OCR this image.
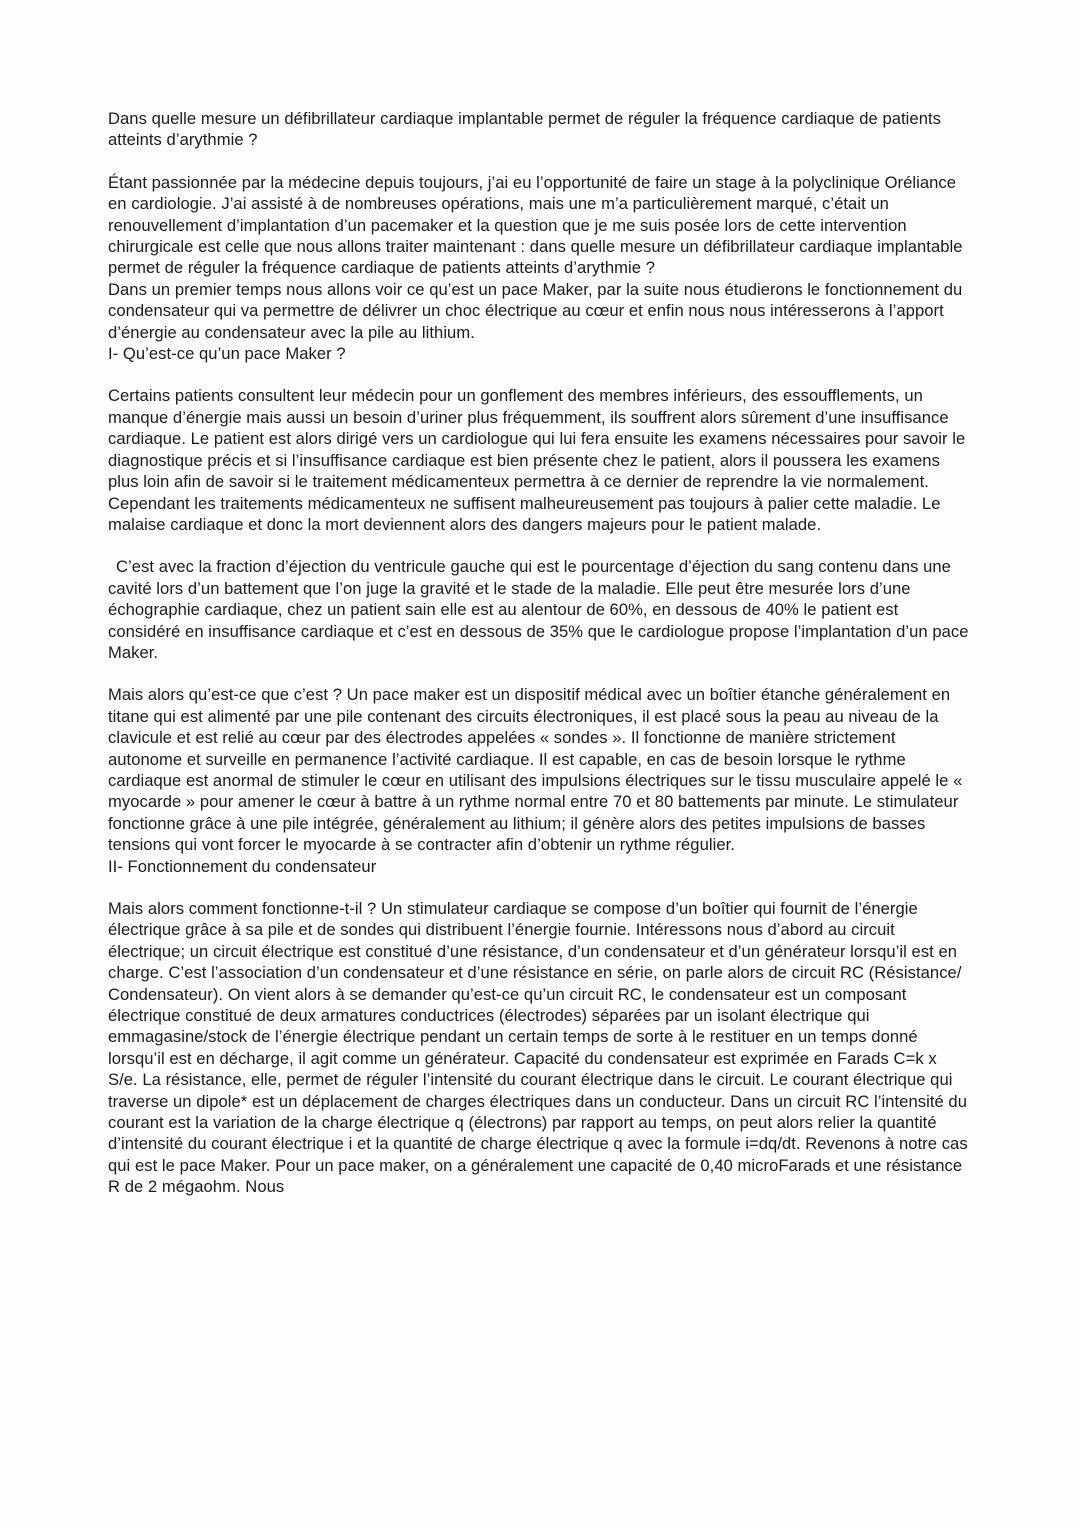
Dans quelle mesure un défibrillateur cardiaque implantable permet de réguler la fréquence cardiaque de patients atteints d’arythmie ?

Étant passionnée par la médecine depuis toujours, j’ai eu l’opportunité de faire un stage à la polyclinique Oréliance en cardiologie. J’ai assisté à de nombreuses opérations, mais une m’a particulièrement marqué, c’était un renouvellement d’implantation d’un pacemaker et la question que je me suis posée lors de cette intervention chirurgicale est celle que nous allons traiter maintenant : dans quelle mesure un défibrillateur cardiaque implantable permet de réguler la fréquence cardiaque de patients atteints d’arythmie ?

Dans un premier temps nous allons voir ce qu’est un pace Maker, par la suite nous étudierons le fonctionnement du condensateur qui va permettre de délivrer un choc électrique au cœur et enfin nous nous intéresserons à l’apport d’énergie au condensateur avec la pile au lithium.

I- Qu’est-ce qu’un pace Maker ?

Certains patients consultent leur médecin pour un gonflement des membres inférieurs, des essoufflements, un manque d’énergie mais aussi un besoin d’uriner plus fréquemment, ils souffrent alors sûrement d’une insuffisance cardiaque. Le patient est alors dirigé vers un cardiologue qui lui fera ensuite les examens nécessaires pour savoir le diagnostique précis et si l’insuffisance cardiaque est bien présente chez le patient, alors il poussera les examens plus loin afin de savoir si le traitement médicamenteux permettra à ce dernier de reprendre la vie normalement. Cependant les traitements médicamenteux ne suffisent malheureusement pas toujours à palier cette maladie. Le malaise cardiaque et donc la mort deviennent alors des dangers majeurs pour le patient malade.

C’est avec la fraction d’éjection du ventricule gauche qui est le pourcentage d’éjection du sang contenu dans une cavité lors d’un battement que l’on juge la gravité et le stade de la maladie. Elle peut être mesurée lors d’une échographie cardiaque, chez un patient sain elle est au alentour de 60%, en dessous de 40% le patient est considéré en insuffisance cardiaque et c’est en dessous de 35% que le cardiologue propose l’implantation d’un pace Maker.

Mais alors qu’est-ce que c’est ? Un pace maker est un dispositif médical avec un boîtier étanche généralement en titane qui est alimenté par une pile contenant des circuits électroniques, il est placé sous la peau au niveau de la clavicule et est relié au cœur par des électrodes appelées « sondes ». Il fonctionne de manière strictement autonome et surveille en permanence l’activité cardiaque. Il est capable, en cas de besoin lorsque le rythme cardiaque est anormal de stimuler le cœur en utilisant des impulsions électriques sur le tissu musculaire appelé le « myocarde » pour amener le cœur à battre à un rythme normal entre 70 et 80 battements par minute. Le stimulateur fonctionne grâce à une pile intégrée, généralement au lithium; il génère alors des petites impulsions de basses tensions qui vont forcer le myocarde à se contracter afin d’obtenir un rythme régulier.

II- Fonctionnement du condensateur

Mais alors comment fonctionne-t-il ? Un stimulateur cardiaque se compose d’un boîtier qui fournit de l’énergie électrique grâce à sa pile et de sondes qui distribuent l’énergie fournie. Intéressons nous d’abord au circuit électrique; un circuit électrique est constitué d’une résistance, d’un condensateur et d’un générateur lorsqu’il est en charge. C’est l’association d’un condensateur et d’une résistance en série, on parle alors de circuit RC (Résistance/ Condensateur). On vient alors à se demander qu’est-ce qu’un circuit RC, le condensateur est un composant électrique constitué de deux armatures conductrices (électrodes) séparées par un isolant électrique qui emmagasine/stock de l’énergie électrique pendant un certain temps de sorte à le restituer en un temps donné lorsqu’il est en décharge, il agit comme un générateur. Capacité du condensateur est exprimée en Farads C=k x S/e. La résistance, elle, permet de réguler l’intensité du courant électrique dans le circuit. Le courant électrique qui traverse un dipole* est un déplacement de charges électriques dans un conducteur. Dans un circuit RC l’intensité du courant est la variation de la charge électrique q (électrons) par rapport au temps, on peut alors relier la quantité d’intensité du courant électrique i et la quantité de charge électrique q avec la formule i=dq/dt. Revenons à notre cas qui est le pace Maker. Pour un pace maker, on a généralement une capacité de 0,40 microFarads et une résistance R de 2 mégaohm. Nous
